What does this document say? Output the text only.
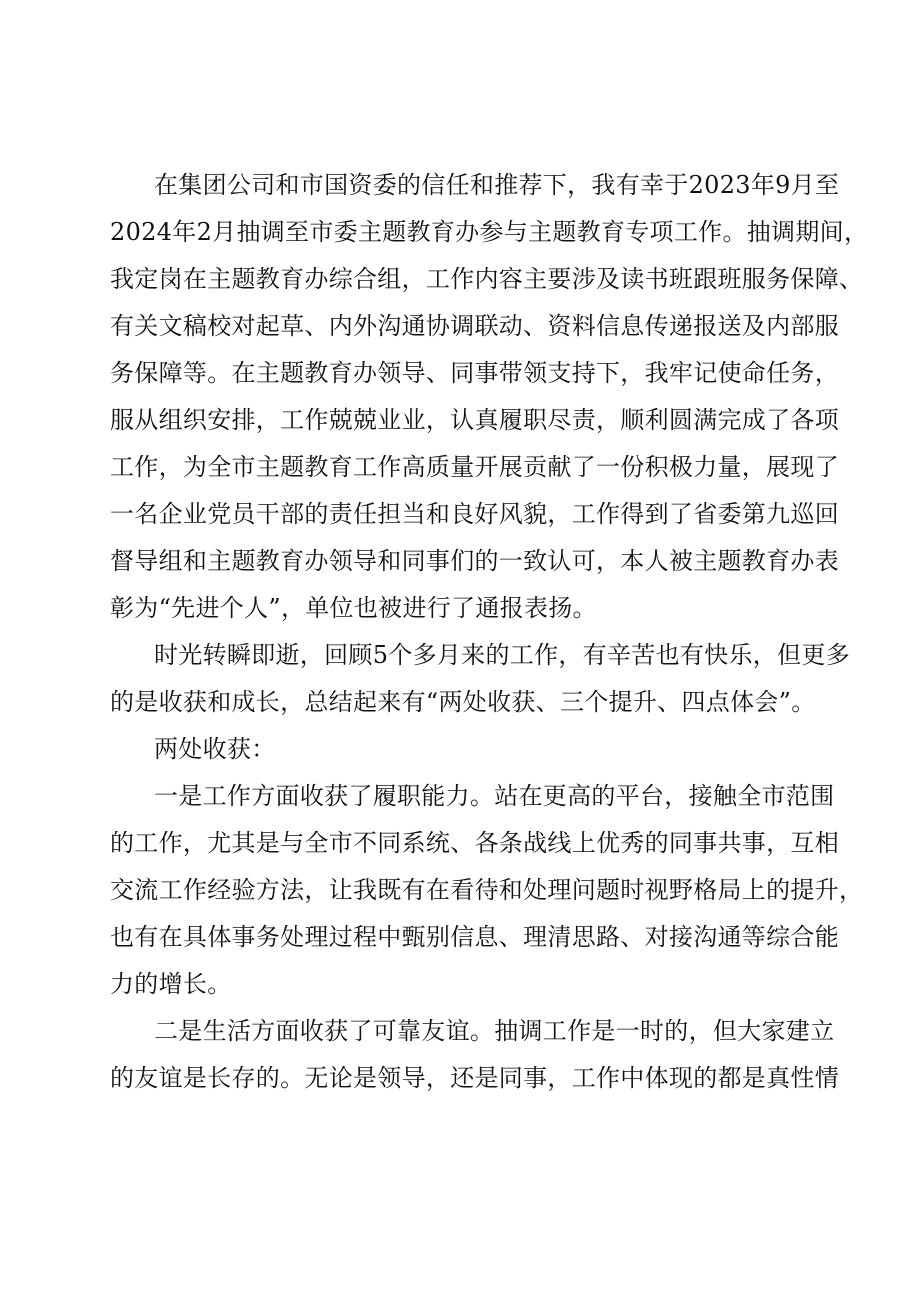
在集团公司和市国资委的信任和推荐下，我有幸于2023年9月至
2024年2月抽调至市委主题教育办参与主题教育专项工作。抽调期间，
我定岗在主题教育办综合组，工作内容主要涉及读书班跟班服务保障、
有关文稿校对起草、内外沟通协调联动、资料信息传递报送及内部服
务保障等。在主题教育办领导、同事带领支持下，我牢记使命任务，
服从组织安排，工作兢兢业业，认真履职尽责，顺利圆满完成了各项
工作，为全市主题教育工作高质量开展贡献了一份积极力量，展现了
一名企业党员干部的责任担当和良好风貌，工作得到了省委第九巡回
督导组和主题教育办领导和同事们的一致认可，本人被主题教育办表
彰为“先进个人”，单位也被进行了通报表扬。
时光转瞬即逝，回顾5个多月来的工作，有辛苦也有快乐，但更多
的是收获和成长，总结起来有“两处收获、三个提升、四点体会”。
两处收获：
一是工作方面收获了履职能力。站在更高的平台，接触全市范围
的工作，尤其是与全市不同系统、各条战线上优秀的同事共事，互相
交流工作经验方法，让我既有在看待和处理问题时视野格局上的提升，
也有在具体事务处理过程中甄别信息、理清思路、对接沟通等综合能
力的增长。
二是生活方面收获了可靠友谊。抽调工作是一时的，但大家建立
的友谊是长存的。无论是领导，还是同事，工作中体现的都是真性情
